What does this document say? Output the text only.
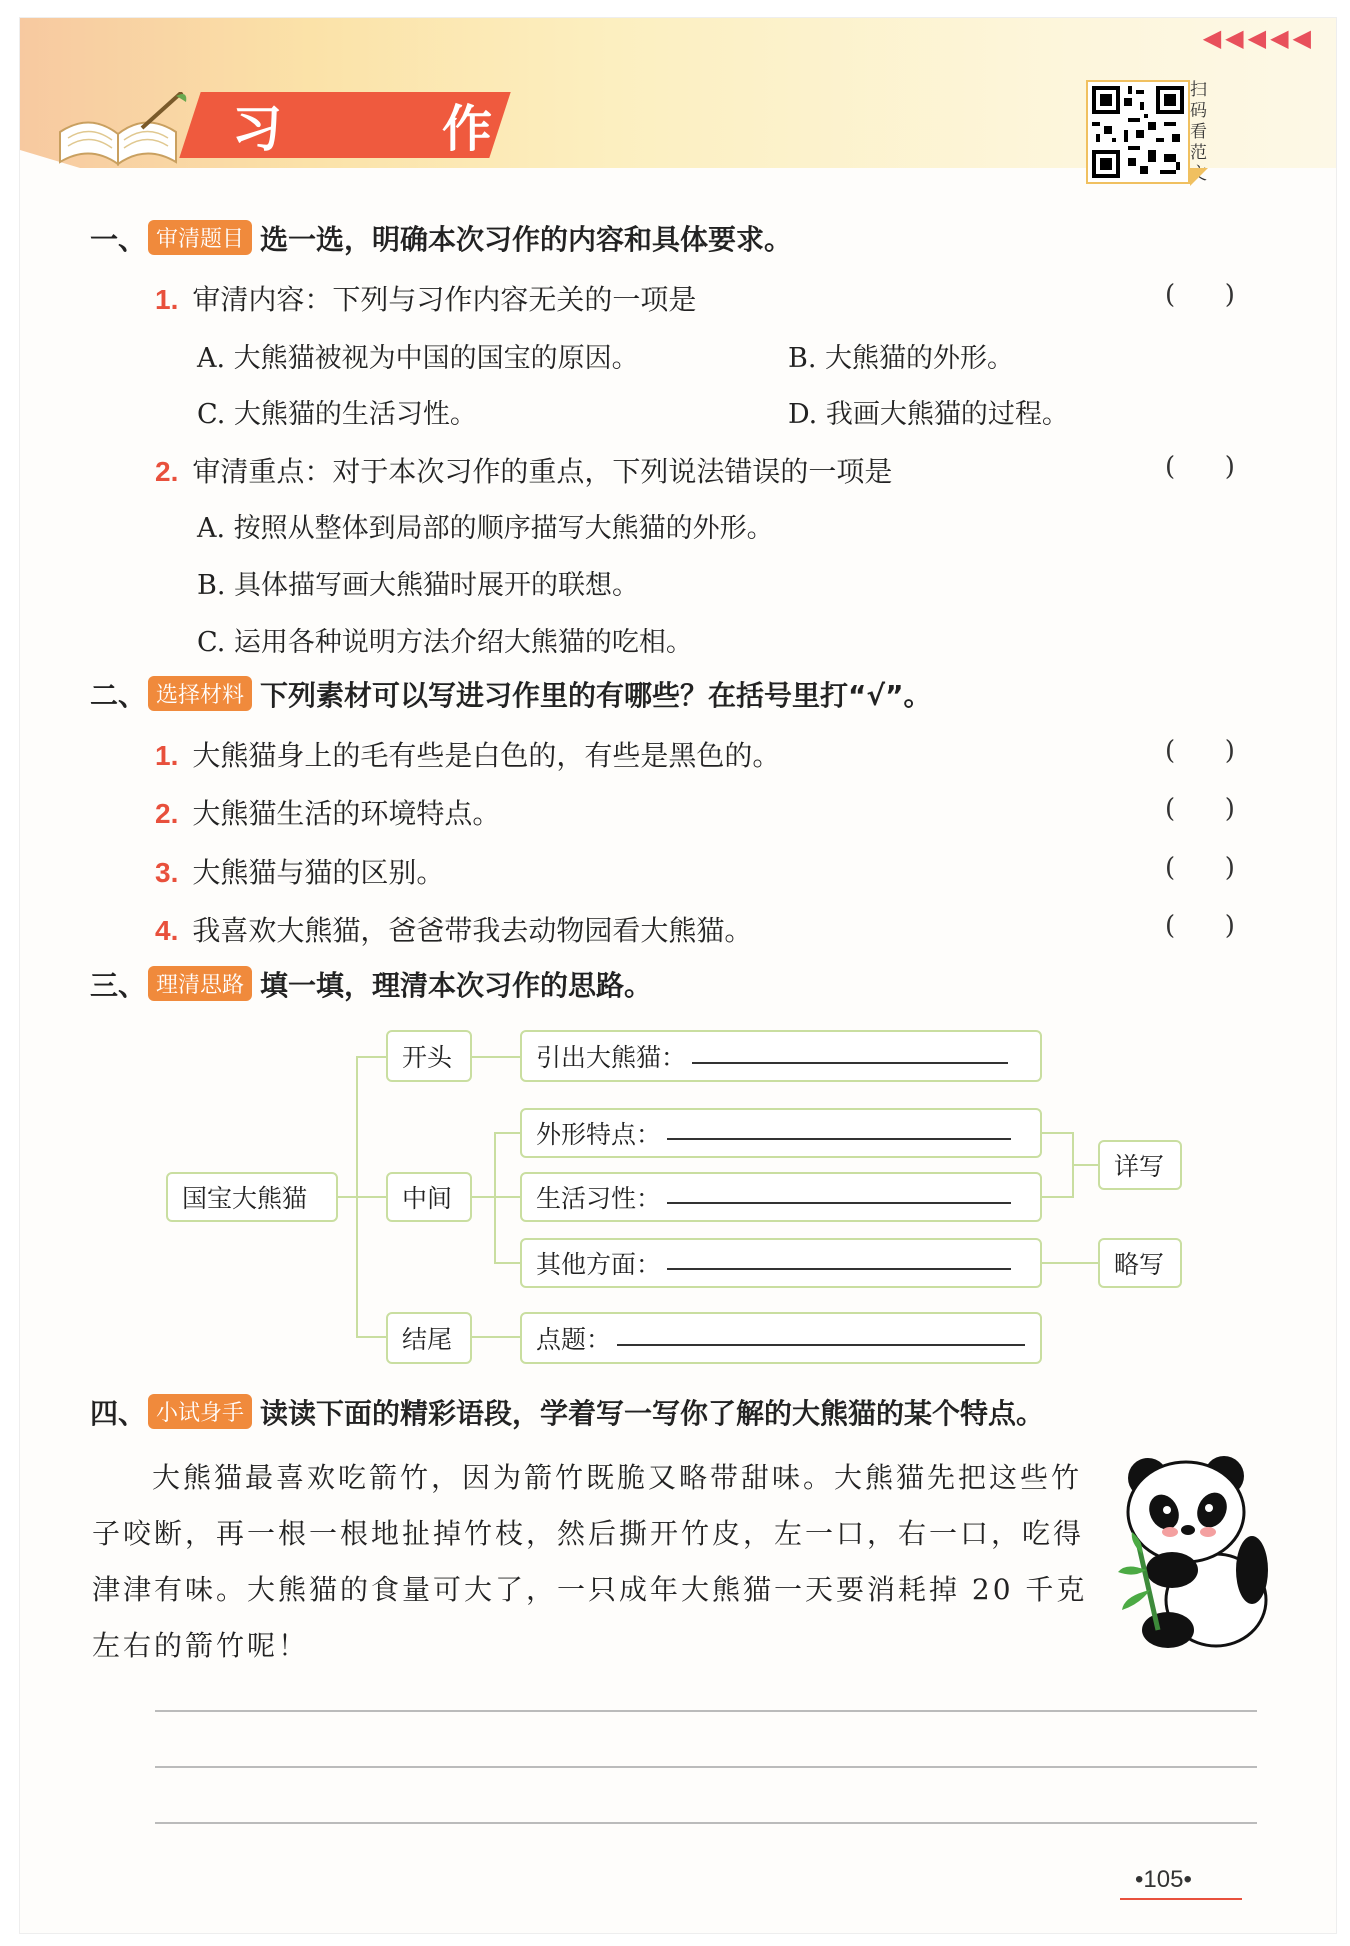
◀◀◀◀◀
习	作
扫码看范文
一、 审清题目 选一选，明确本次习作的内容和具体要求。
1. 审清内容：下列与习作内容无关的一项是	(      )
A. 大熊猫被视为中国的国宝的原因。	B. 大熊猫的外形。
C. 大熊猫的生活习性。	D. 我画大熊猫的过程。
2. 审清重点：对于本次习作的重点，下列说法错误的一项是	(      )
A. 按照从整体到局部的顺序描写大熊猫的外形。
B. 具体描写画大熊猫时展开的联想。
C. 运用各种说明方法介绍大熊猫的吃相。
二、 选择材料 下列素材可以写进习作里的有哪些？在括号里打“√”。
1. 大熊猫身上的毛有些是白色的，有些是黑色的。	(      )
2. 大熊猫生活的环境特点。	(      )
3. 大熊猫与猫的区别。	(      )
4. 我喜欢大熊猫，爸爸带我去动物园看大熊猫。	(      )
三、 理清思路 填一填，理清本次习作的思路。
国宝大熊猫
开头
中间
结尾
引出大熊猫：
外形特点：
生活习性：
其他方面：
点题：
详写
略写
四、 小试身手 读读下面的精彩语段，学着写一写你了解的大熊猫的某个特点。
大熊猫最喜欢吃箭竹，因为箭竹既脆又略带甜味。大熊猫先把这些竹子咬断，再一根一根地扯掉竹枝，然后撕开竹皮，左一口，右一口，吃得津津有味。大熊猫的食量可大了，一只成年大熊猫一天要消耗掉 20 千克左右的箭竹呢！
•105•
